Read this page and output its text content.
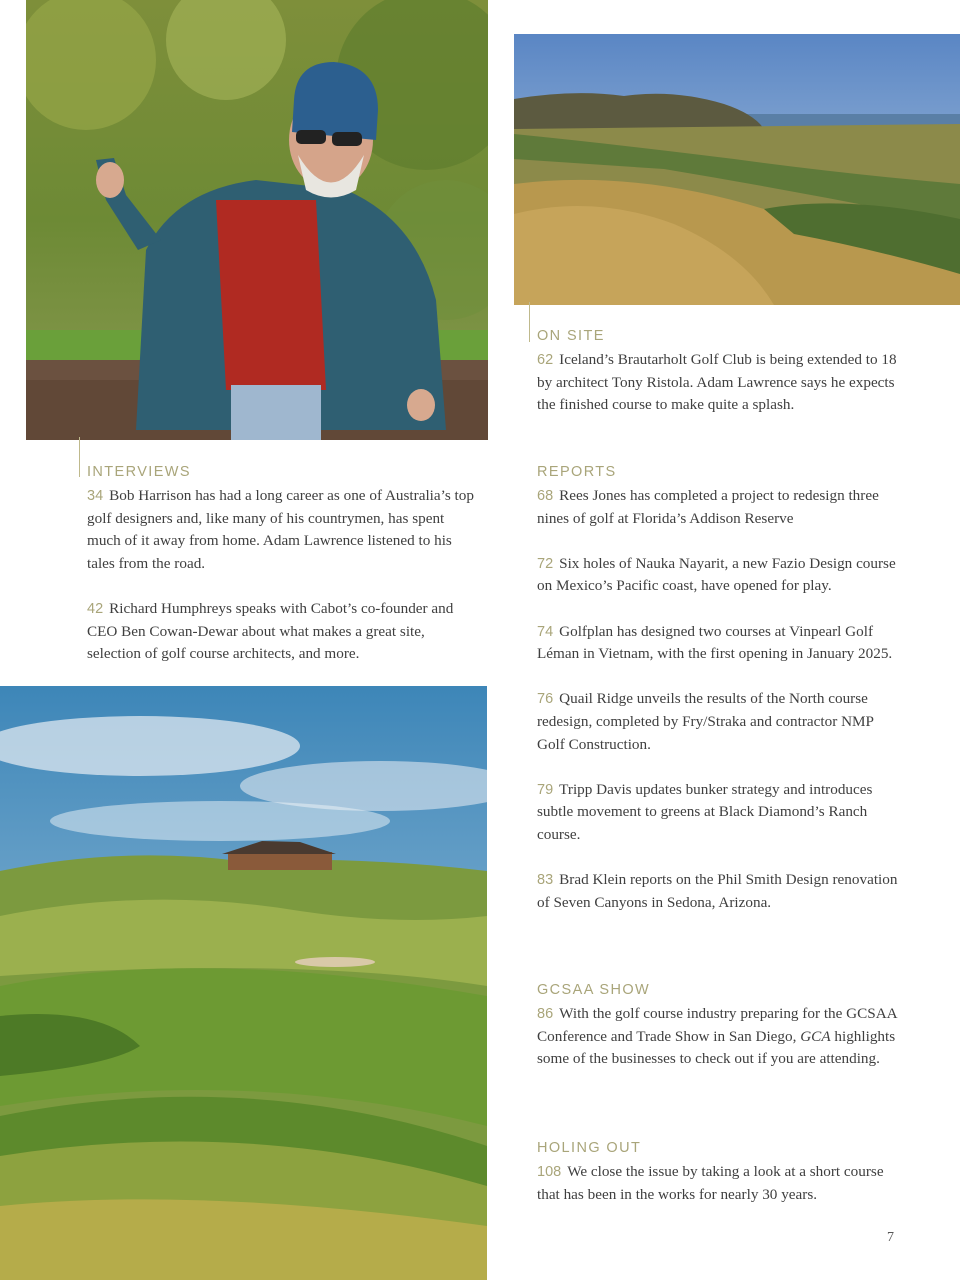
INTERVIEWS

34 Bob Harrison has had a long career as one of Australia’s top golf designers and, like many of his countrymen, has spent much of it away from home. Adam Lawrence listened to his tales from the road.

42 Richard Humphreys speaks with Cabot’s co-founder and CEO Ben Cowan-Dewar about what makes a great site, selection of golf course architects, and more.

ON SITE

62 Iceland’s Brautarholt Golf Club is being extended to 18 by architect Tony Ristola. Adam Lawrence says he expects the finished course to make quite a splash.

REPORTS

68 Rees Jones has completed a project to redesign three nines of golf at Florida’s Addison Reserve

72 Six holes of Nauka Nayarit, a new Fazio Design course on Mexico’s Pacific coast, have opened for play.

74 Golfplan has designed two courses at Vinpearl Golf Léman in Vietnam, with the first opening in January 2025.

76 Quail Ridge unveils the results of the North course redesign, completed by Fry/Straka and contractor NMP Golf Construction.

79 Tripp Davis updates bunker strategy and introduces subtle movement to greens at Black Diamond’s Ranch course.

83 Brad Klein reports on the Phil Smith Design renovation of Seven Canyons in Sedona, Arizona.

GCSAA SHOW

86 With the golf course industry preparing for the GCSAA Conference and Trade Show in San Diego, GCA highlights some of the businesses to check out if you are attending.

HOLING OUT

108 We close the issue by taking a look at a short course that has been in the works for nearly 30 years.

7
